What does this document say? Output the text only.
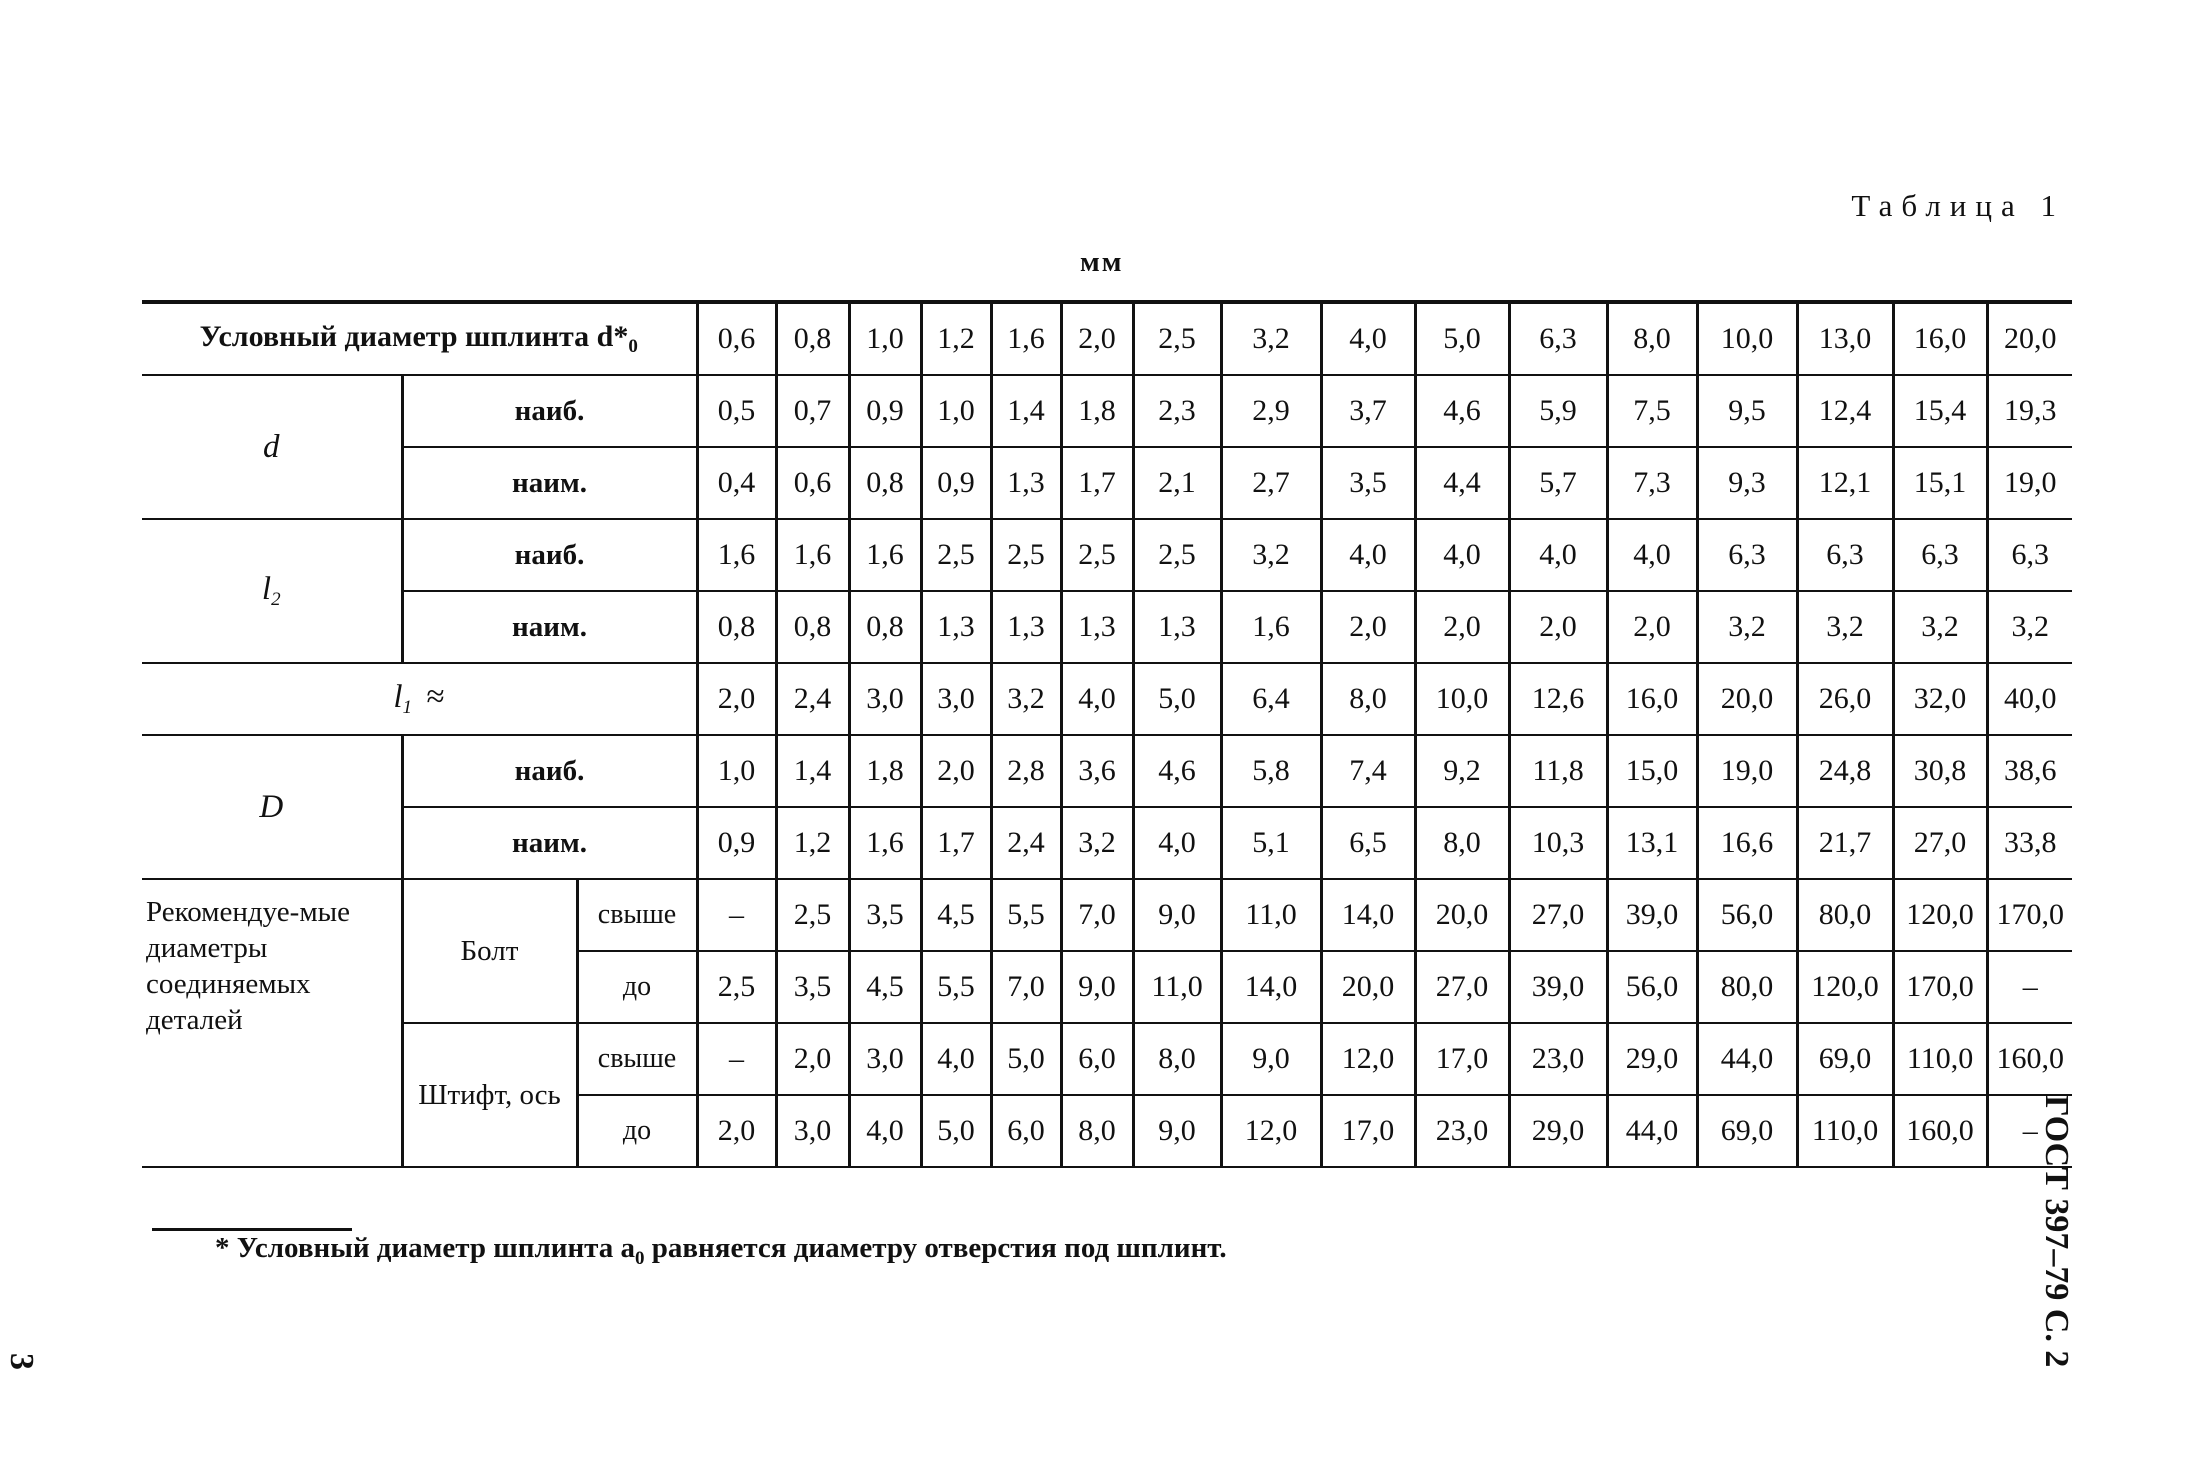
Таблица 1
мм
Условный диаметр шплинта $d*_0$			0,6	0,8	1,0	1,2	1,6	2,0	2,5	3,2	4,0	5,0	6,3	8,0	10,0	13,0	16,0	20,0
d	наиб.		0,5	0,7	0,9	1,0	1,4	1,8	2,3	2,9	3,7	4,6	5,9	7,5	9,5	12,4	15,4	19,3
	наим.		0,4	0,6	0,8	0,9	1,3	1,7	2,1	2,7	3,5	4,4	5,7	7,3	9,3	12,1	15,1	19,0
$l_2$	наиб.		1,6	1,6	1,6	2,5	2,5	2,5	2,5	3,2	4,0	4,0	4,0	4,0	6,3	6,3	6,3	6,3
	наим.		0,8	0,8	0,8	1,3	1,3	1,3	1,3	1,6	2,0	2,0	2,0	2,0	3,2	3,2	3,2	3,2
$l_1$ ≈			2,0	2,4	3,0	3,0	3,2	4,0	5,0	6,4	8,0	10,0	12,6	16,0	20,0	26,0	32,0	40,0
D	наиб.		1,0	1,4	1,8	2,0	2,8	3,6	4,6	5,8	7,4	9,2	11,8	15,0	19,0	24,8	30,8	38,6
	наим.		0,9	1,2	1,6	1,7	2,4	3,2	4,0	5,1	6,5	8,0	10,3	13,1	16,6	21,7	27,0	33,8
Рекомендуе-мые диаметры соединяемых деталей	Болт	свыше	–	2,5	3,5	4,5	5,5	7,0	9,0	11,0	14,0	20,0	27,0	39,0	56,0	80,0	120,0	170,0
		до	2,5	3,5	4,5	5,5	7,0	9,0	11,0	14,0	20,0	27,0	39,0	56,0	80,0	120,0	170,0	–
	Штифт, ось	свыше	–	2,0	3,0	4,0	5,0	6,0	8,0	9,0	12,0	17,0	23,0	29,0	44,0	69,0	110,0	160,0
		до	2,0	3,0	4,0	5,0	6,0	8,0	9,0	12,0	17,0	23,0	29,0	44,0	69,0	110,0	160,0	–
* Условный диаметр шплинта $a_0$ равняется диаметру отверстия под шплинт.	ГОСТ 397–79 С. 2
3
